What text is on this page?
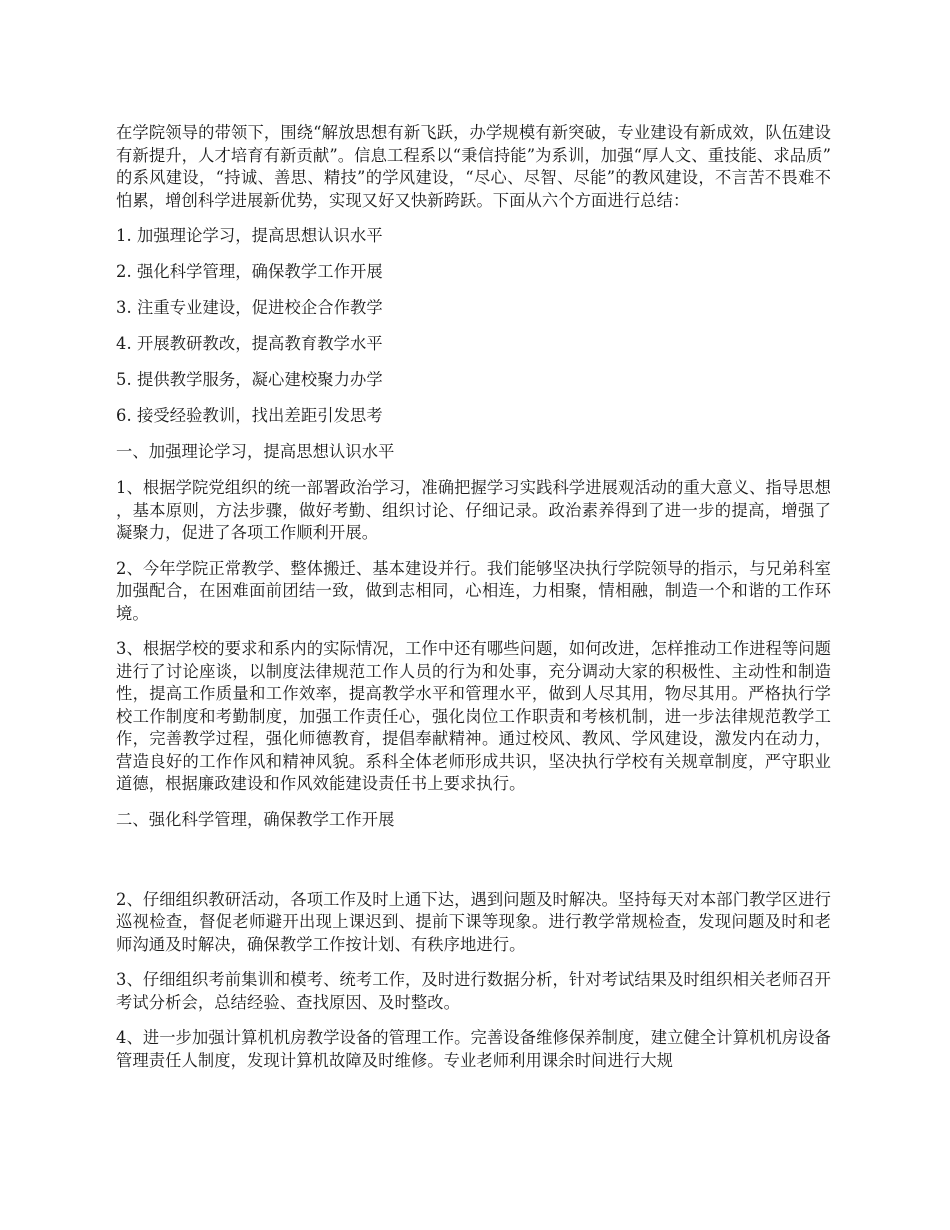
在学院领导的带领下，围绕“解放思想有新飞跃，办学规模有新突破，专业建设有新成效，队伍建设有新提升，人才培育有新贡献”。信息工程系以“秉信持能”为系训，加强“厚人文、重技能、求品质”的系风建设，“持诚、善思、精技”的学风建设，“尽心、尽智、尽能”的教风建设，不言苦不畏难不怕累，增创科学进展新优势，实现又好又快新跨跃。下面从六个方面进行总结：

1. 加强理论学习，提高思想认识水平

2. 强化科学管理，确保教学工作开展

3. 注重专业建设，促进校企合作教学

4. 开展教研教改，提高教育教学水平

5. 提供教学服务，凝心建校聚力办学

6. 接受经验教训，找出差距引发思考

一、加强理论学习，提高思想认识水平

1、根据学院党组织的统一部署政治学习，准确把握学习实践科学进展观活动的重大意义、指导思想，基本原则，方法步骤，做好考勤、组织讨论、仔细记录。政治素养得到了进一步的提高，增强了凝聚力，促进了各项工作顺利开展。

2、今年学院正常教学、整体搬迁、基本建设并行。我们能够坚决执行学院领导的指示，与兄弟科室加强配合，在困难面前团结一致，做到志相同，心相连，力相聚，情相融，制造一个和谐的工作环境。

3、根据学校的要求和系内的实际情况，工作中还有哪些问题，如何改进，怎样推动工作进程等问题进行了讨论座谈，以制度法律规范工作人员的行为和处事，充分调动大家的积极性、主动性和制造性，提高工作质量和工作效率，提高教学水平和管理水平，做到人尽其用，物尽其用。严格执行学校工作制度和考勤制度，加强工作责任心，强化岗位工作职责和考核机制，进一步法律规范教学工作，完善教学过程，强化师德教育，提倡奉献精神。通过校风、教风、学风建设，激发内在动力，营造良好的工作作风和精神风貌。系科全体老师形成共识，坚决执行学校有关规章制度，严守职业道德，根据廉政建设和作风效能建设责任书上要求执行。

二、强化科学管理，确保教学工作开展

2、仔细组织教研活动，各项工作及时上通下达，遇到问题及时解决。坚持每天对本部门教学区进行巡视检查，督促老师避开出现上课迟到、提前下课等现象。进行教学常规检查，发现问题及时和老师沟通及时解决，确保教学工作按计划、有秩序地进行。

3、仔细组织考前集训和模考、统考工作，及时进行数据分析，针对考试结果及时组织相关老师召开考试分析会，总结经验、查找原因、及时整改。

4、进一步加强计算机机房教学设备的管理工作。完善设备维修保养制度，建立健全计算机机房设备管理责任人制度，发现计算机故障及时维修。专业老师利用课余时间进行大规
